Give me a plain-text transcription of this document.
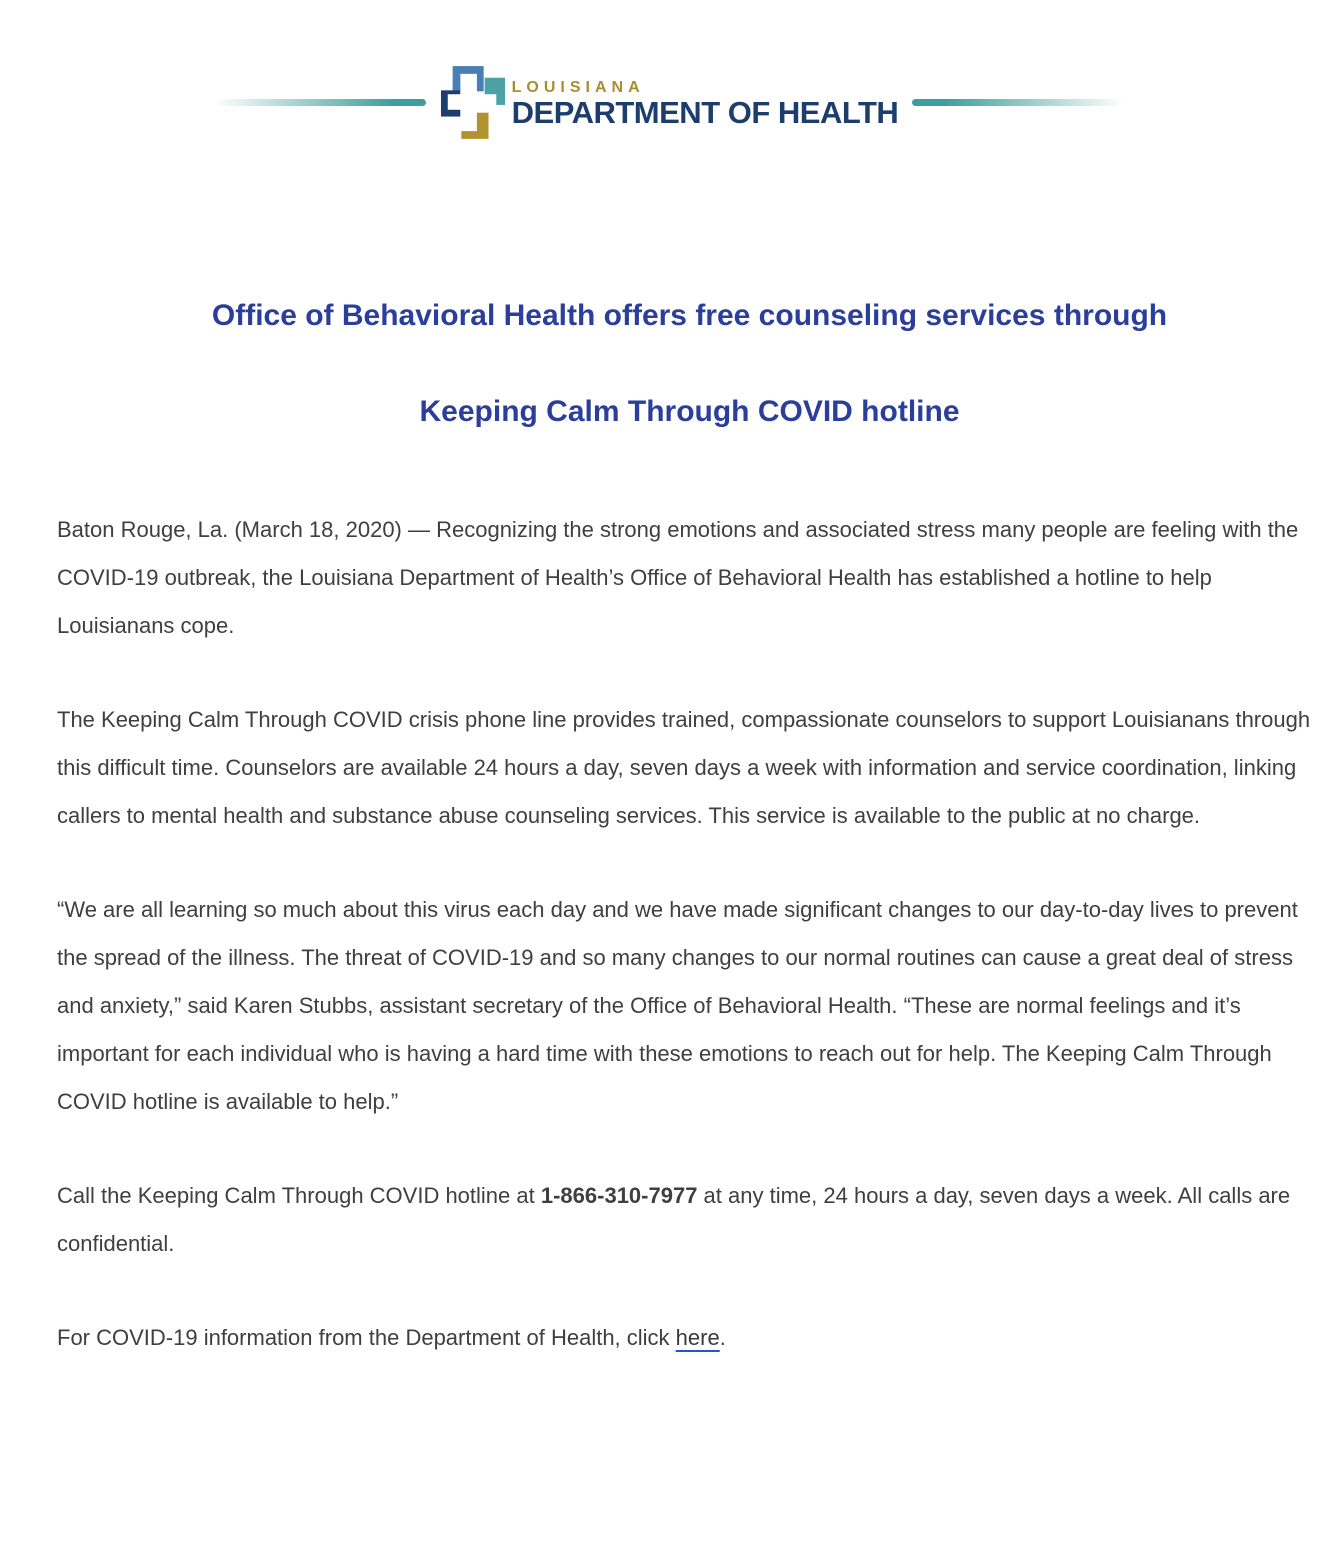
LOUISIANA
DEPARTMENT OF HEALTH
Office of Behavioral Health offers free counseling services through
Keeping Calm Through COVID hotline

Baton Rouge, La. (March 18, 2020) — Recognizing the strong emotions and associated stress many people are feeling with the COVID-19 outbreak, the Louisiana Department of Health’s Office of Behavioral Health has established a hotline to help Louisianans cope.

The Keeping Calm Through COVID crisis phone line provides trained, compassionate counselors to support Louisianans through this difficult time. Counselors are available 24 hours a day, seven days a week with information and service coordination, linking callers to mental health and substance abuse counseling services. This service is available to the public at no charge.

“We are all learning so much about this virus each day and we have made significant changes to our day-to-day lives to prevent the spread of the illness. The threat of COVID-19 and so many changes to our normal routines can cause a great deal of stress and anxiety,” said Karen Stubbs, assistant secretary of the Office of Behavioral Health. “These are normal feelings and it’s important for each individual who is having a hard time with these emotions to reach out for help. The Keeping Calm Through COVID hotline is available to help.”

Call the Keeping Calm Through COVID hotline at 1-866-310-7977 at any time, 24 hours a day, seven days a week. All calls are confidential.

For COVID-19 information from the Department of Health, click here.
